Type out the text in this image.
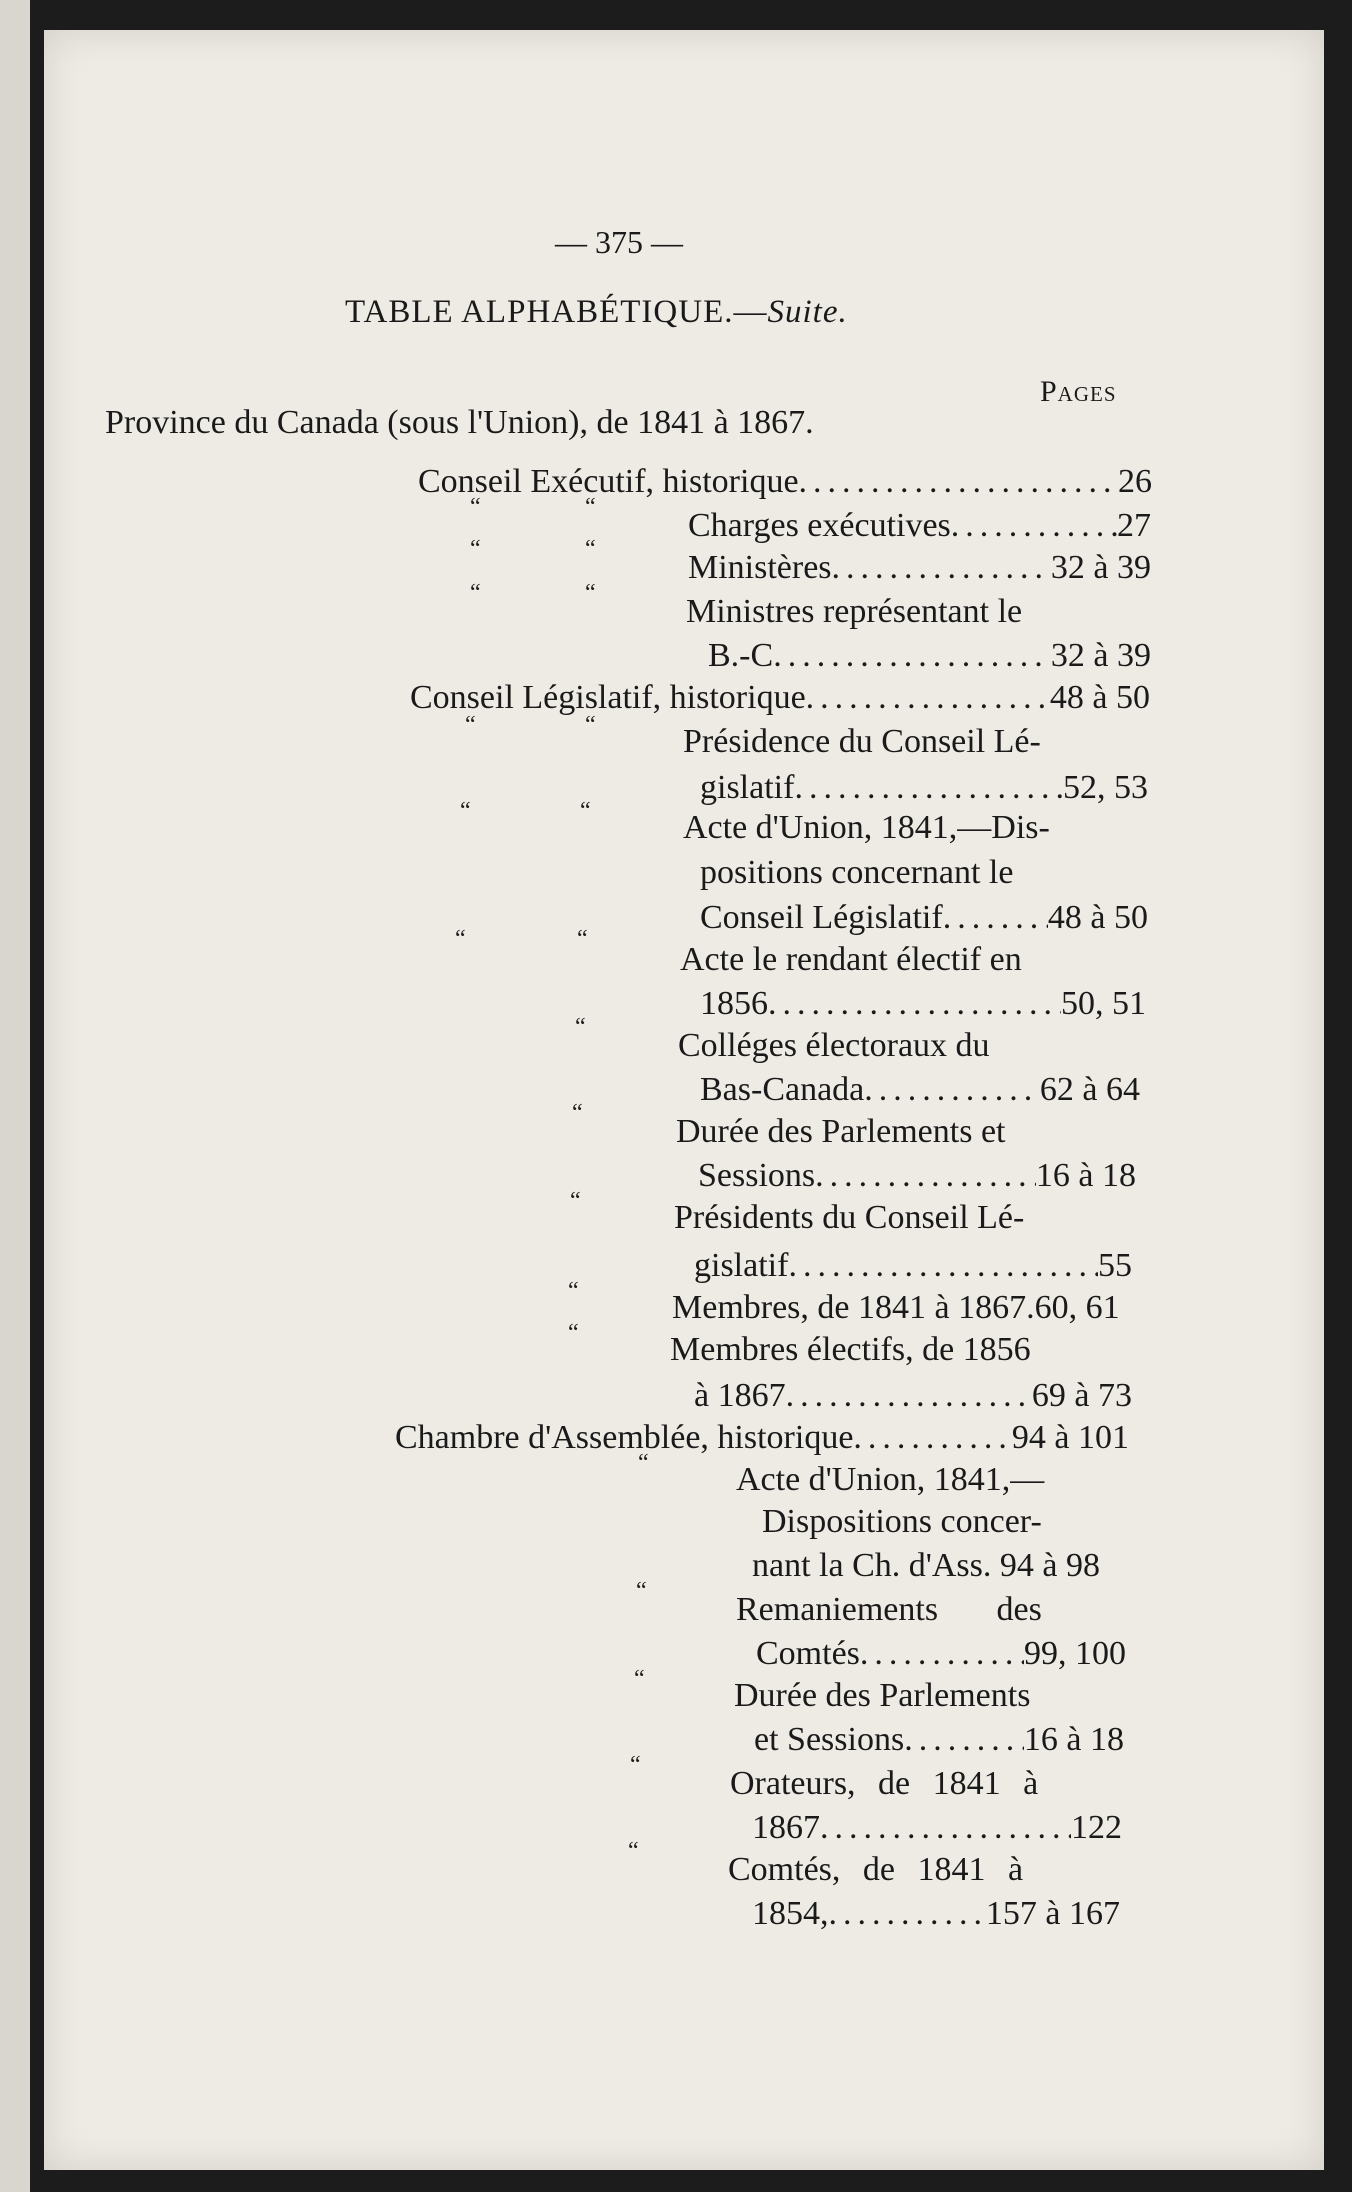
— 375 —
TABLE ALPHABÉTIQUE.—Suite.
Pages
Province du Canada (sous l'Union), de 1841 à 1867.
Conseil Exécutif, historique .....	26
“	“	Charges exécutives .....	27
“	“	Ministères .....	32 à 39
“	“	Ministres représentant le
B.-C .....	32 à 39
Conseil Législatif, historique .....	48 à 50
“	“	Présidence du Conseil Lé-
gislatif .....	52, 53
“	“	Acte d'Union, 1841,—Dis-
positions concernant le
Conseil Législatif .....	48 à 50
“	“
Acte le rendant électif en
1856 .....	50, 51
“	Colléges électoraux du
Bas-Canada .....	62 à 64
“	Durée des Parlements et
Sessions .....	16 à 18
“	Présidents du Conseil Lé-
gislatif .....	55
“	Membres, de 1841 à 1867.60, 61
“	Membres électifs, de 1856
à 1867 .....	69 à 73
Chambre d'Assemblée, historique .....	94 à 101
“	Acte d'Union, 1841,—
Dispositions concer-
nant la Ch. d'Ass. 94 à 98
“	Remaniements des
Comtés .....	99, 100
“	Durée des Parlements
et Sessions .....	16 à 18
“	Orateurs, de 1841 à
1867 .....	122
“	Comtés, de 1841 à
1854, .....	157 à 167
